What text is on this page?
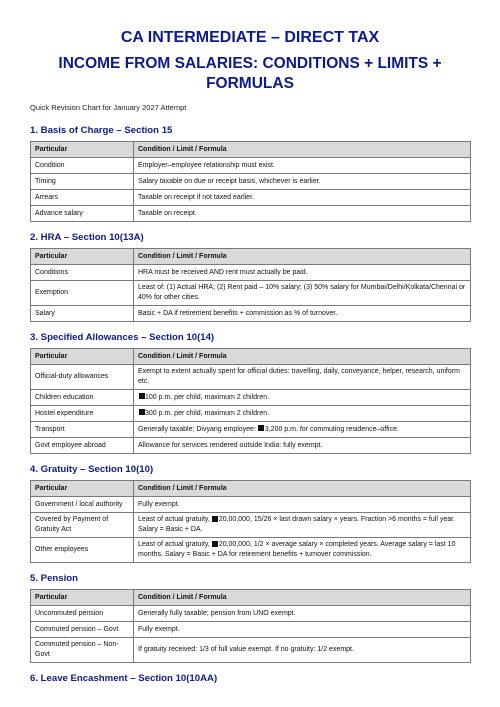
CA INTERMEDIATE – DIRECT TAX
INCOME FROM SALARIES: CONDITIONS + LIMITS +
FORMULAS
Quick Revision Chart for January 2027 Attempt
1. Basis of Charge – Section 15
Particular	Condition / Limit / Formula
Condition	Employer–employee relationship must exist.
Timing	Salary taxable on due or receipt basis, whichever is earlier.
Arrears	Taxable on receipt if not taxed earlier.
Advance salary	Taxable on receipt.
2. HRA – Section 10(13A)
Particular	Condition / Limit / Formula
Conditions	HRA must be received AND rent must actually be paid.
Exemption	Least of: (1) Actual HRA; (2) Rent paid – 10% salary; (3) 50% salary for Mumbai/Delhi/Kolkata/Chennai or 40% for other cities.
Salary	Basic + DA if retirement benefits + commission as % of turnover.
3. Specified Allowances – Section 10(14)
Particular	Condition / Limit / Formula
Official-duty allowances	Exempt to extent actually spent for official duties: travelling, daily, conveyance, helper, research, uniform etc.
Children education	100 p.m. per child, maximum 2 children.
Hostel expenditure	300 p.m. per child, maximum 2 children.
Transport	Generally taxable; Divyang employee: 3,200 p.m. for commuting residence–office.
Govt employee abroad	Allowance for services rendered outside India: fully exempt.
4. Gratuity – Section 10(10)
Particular	Condition / Limit / Formula
Government / local authority	Fully exempt.
Covered by Payment of Gratuity Act	Least of actual gratuity, 20,00,000, 15/26 × last drawn salary × years. Fraction >6 months = full year. Salary = Basic + DA.
Other employees	Least of actual gratuity, 20,00,000, 1/2 × average salary × completed years. Average salary = last 10 months. Salary = Basic + DA for retirement benefits + turnover commission.
5. Pension
Particular	Condition / Limit / Formula
Uncommuted pension	Generally fully taxable; pension from UNO exempt.
Commuted pension – Govt	Fully exempt.
Commuted pension – Non-Govt	If gratuity received: 1/3 of full value exempt. If no gratuity: 1/2 exempt.
6. Leave Encashment – Section 10(10AA)
